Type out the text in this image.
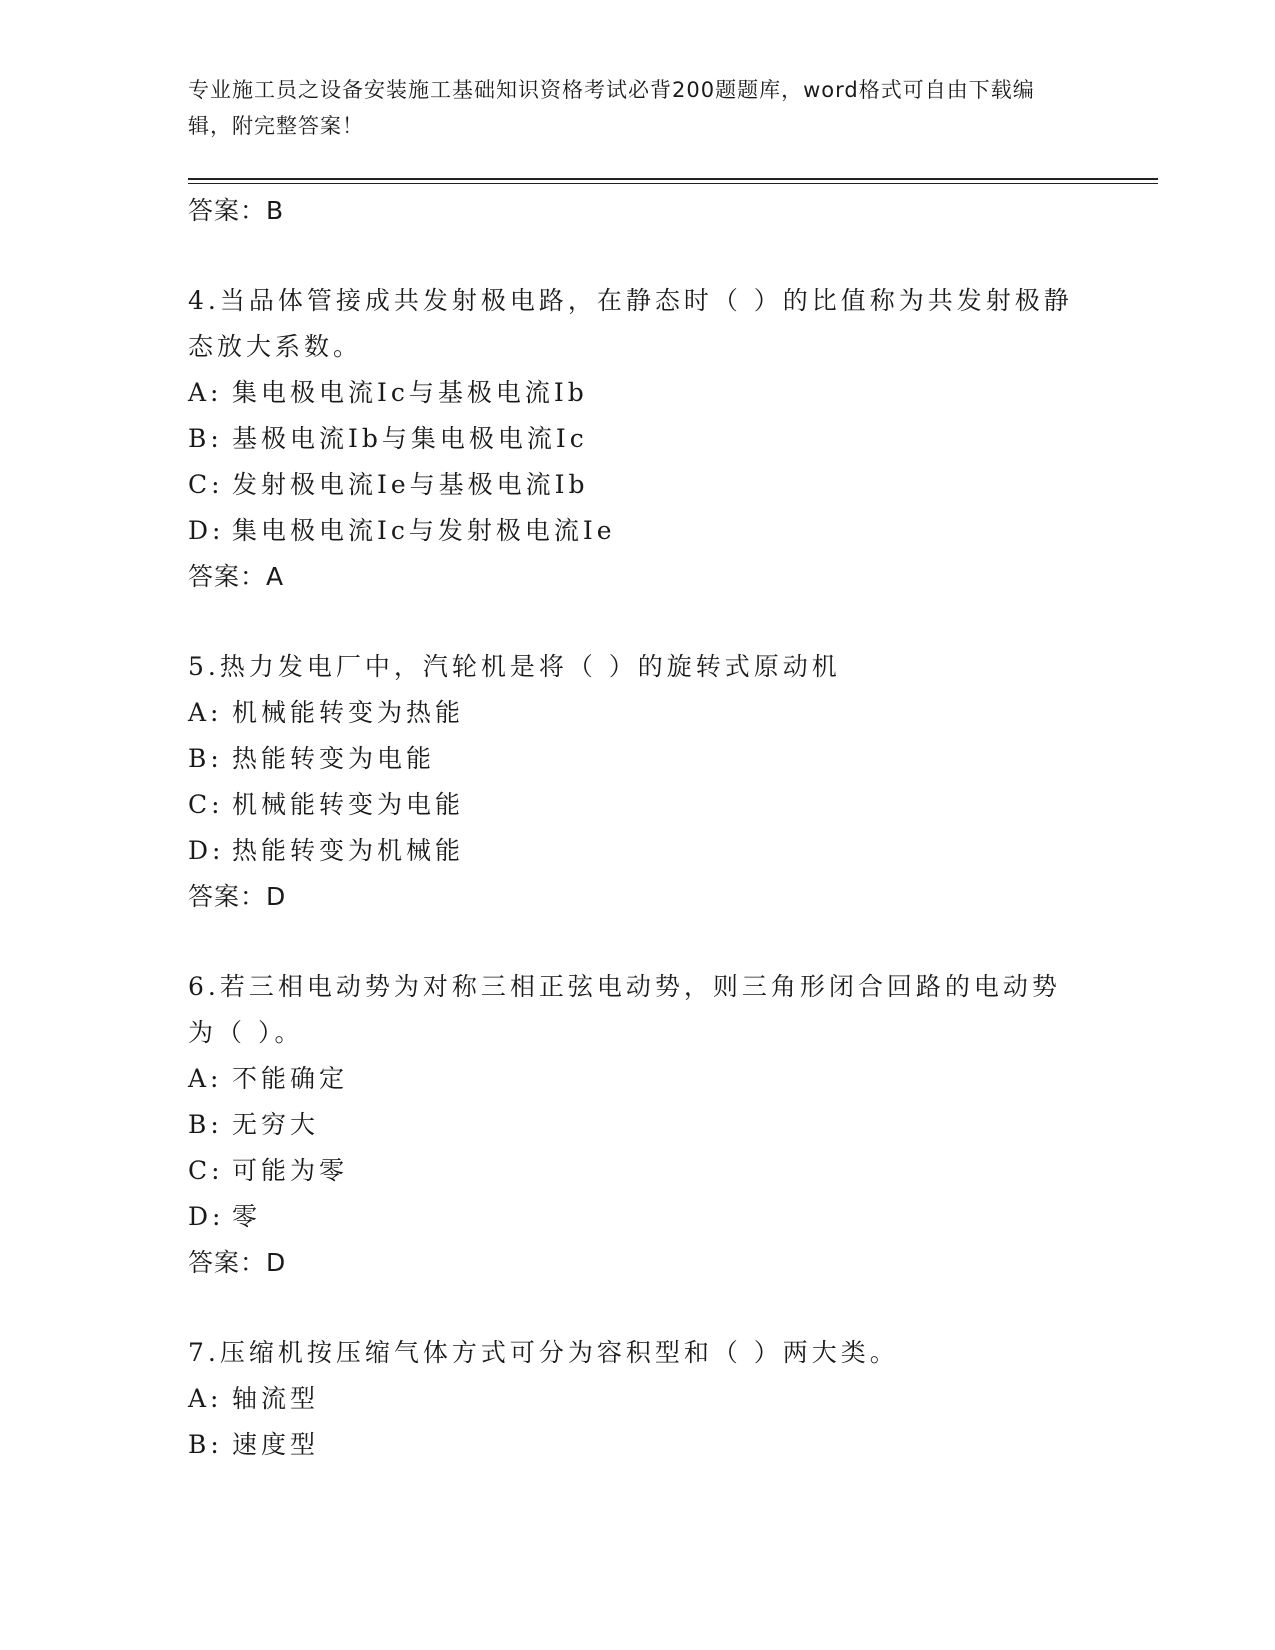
专业施工员之设备安装施工基础知识资格考试必背200题题库，word格式可自由下载编辑，附完整答案！
答案：B
4.当品体管接成共发射极电路，在静态时（ ）的比值称为共发射极静态放大系数。
A: 集电极电流Ic与基极电流Ib
B: 基极电流Ib与集电极电流Ic
C: 发射极电流Ie与基极电流Ib
D: 集电极电流Ic与发射极电流Ie
答案：A
5.热力发电厂中，汽轮机是将（ ）的旋转式原动机
A: 机械能转变为热能
B: 热能转变为电能
C: 机械能转变为电能
D: 热能转变为机械能
答案：D
6.若三相电动势为对称三相正弦电动势，则三角形闭合回路的电动势为（ ）。
A: 不能确定
B: 无穷大
C: 可能为零
D: 零
答案：D
7.压缩机按压缩气体方式可分为容积型和（ ）两大类。
A: 轴流型
B: 速度型
